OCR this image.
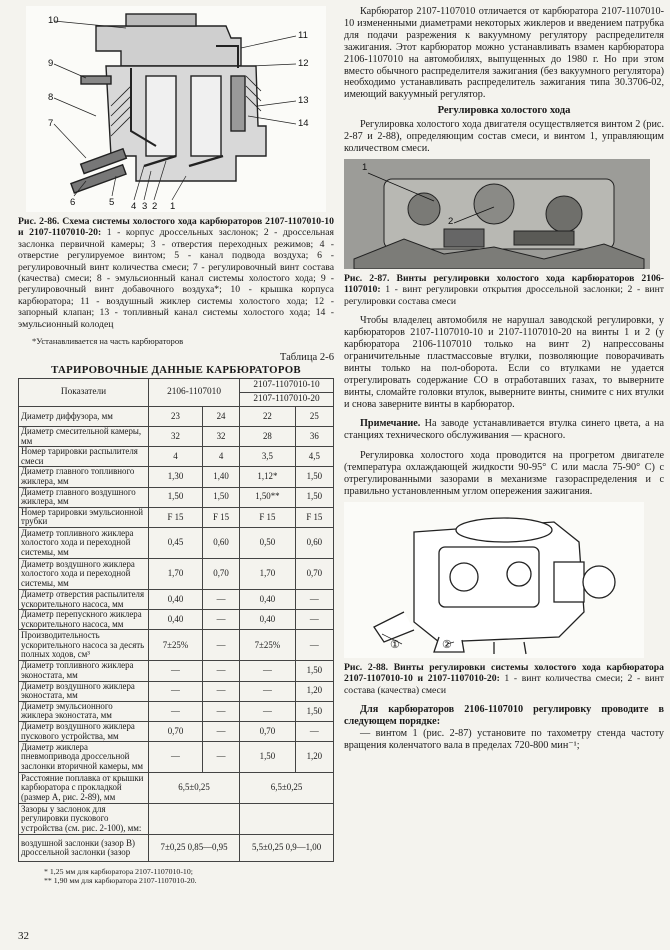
10
9
8
7
6	5 4 3 2 1
11
12
13
14

Рис. 2-86. Схема системы холостого хода карбюраторов 2107-1107010-10 и 2107-1107010-20: 1 - корпус дроссельных заслонок; 2 - дроссельная заслонка первичной камеры; 3 - отверстия переходных режимов; 4 - отверстие регулируемое винтом; 5 - канал подвода воздуха; 6 - регулировочный винт количества смеси; 7 - регулировочный винт состава (качества) смеси; 8 - эмульсионный канал системы холостого хода; 9 - регулировочный винт добавочного воздуха*; 10 - крышка корпуса карбюратора; 11 - воздушный жиклер системы холостого хода; 12 - запорный клапан; 13 - топливный канал системы холостого хода; 14 - эмульсионный колодец

*Устанавливается на часть карбюраторов

Таблица 2-6

ТАРИРОВОЧНЫЕ ДАННЫЕ КАРБЮРАТОРОВ

Показатели	2106-1107010		2107-1107010-10	
			2107-1107010-20	
Диаметр диффузора, мм	23	24	22	25
Диаметр смесительной камеры, мм	32	32	28	36
Номер тарировки распылителя смеси	4	4	3,5	4,5
Диаметр главного топливного жиклера, мм	1,30	1,40	1,12*	1,50
Диаметр главного воздушного жиклера, мм	1,50	1,50	1,50**	1,50
Номер тарировки эмульсионной трубки	F 15	F 15	F 15	F 15
Диаметр топливного жиклера холостого хода и переходной системы, мм	0,45	0,60	0,50	0,60
Диаметр воздушного жиклера холостого хода и переходной системы, мм	1,70	0,70	1,70	0,70
Диаметр отверстия распылителя ускорительного насоса, мм	0,40	—	0,40	—
Диаметр перепускного жиклера ускорительного насоса, мм	0,40	—	0,40	—
Производительность ускорительного насоса за десять полных ходов, см³	7±25%	—	7±25%	—
Диаметр топливного жиклера эконостата, мм	—	—	—	1,50
Диаметр воздушного жиклера эконостата, мм	—	—	—	1,20
Диаметр эмульсионного жиклера эконостата, мм	—	—	—	1,50
Диаметр воздушного жиклера пускового устройства, мм	0,70	—	0,70	—
Диаметр жиклера пневмопривода дроссельной заслонки вторичной камеры, мм	—	—	1,50	1,20
Расстояние поплавка от крышки карбюратора с прокладкой (размер А, рис. 2-89), мм	6,5±0,25		6,5±0,25	
Зазоры у заслонок для регулировки пускового устройства (см. рис. 2-100), мм:				
воздушной заслонки (зазор В) дроссельной заслонки (зазор	7±0,25 0,85—0,95		5,5±0,25 0,9—1,00	

* 1,25 мм для карбюратора 2107-1107010-10;

** 1,90 мм для карбюратора 2107-1107010-20.

Карбюратор 2107-1107010 отличается от карбюратора 2107-1107010-10 измененными диаметрами некоторых жиклеров и введением патрубка для подачи разрежения к вакуумному регулятору распределителя зажигания. Этот карбюратор можно устанавливать взамен карбюратора 2106-1107010 на автомобилях, выпущенных до 1980 г. Но при этом вместо обычного распределителя зажигания (без вакуумного регулятора) необходимо устанавливать распределитель зажигания типа 30.3706-02, имеющий вакуумный регулятор.

Регулировка холостого хода

Регулировка холостого хода двигателя осуществляется винтом 2 (рис. 2-87 и 2-88), определяющим состав смеси, и винтом 1, управляющим количеством смеси.

1
2

Рис. 2-87. Винты регулировки холостого хода карбюраторов 2106-1107010: 1 - винт регулировки открытия дроссельной заслонки; 2 - винт регулировки состава смеси

Чтобы владелец автомобиля не нарушал заводской регулировки, у карбюраторов 2107-1107010-10 и 2107-1107010-20 на винты 1 и 2 (у карбюратора 2106-1107010 только на винт 2) напрессованы ограничительные пластмассовые втулки, позволяющие поворачивать винты только на пол-оборота. Если со втулками не удается отрегулировать содержание СО в отработавших газах, то выверните винты, сломайте головки втулок, выверните винты, снимите с них втулки и снова заверните винты в карбюратор.

Примечание. На заводе устанавливается втулка синего цвета, а на станциях технического обслуживания — красного.

Регулировка холостого хода проводится на прогретом двигателе (температура охлаждающей жидкости 90-95° С или масла 75-90° С) с отрегулированными зазорами в механизме газораспределения и с правильно установленным углом опережения зажигания.

①	②

Рис. 2-88. Винты регулировки системы холостого хода карбюратора 2107-1107010-10 и 2107-1107010-20: 1 - винт количества смеси; 2 - винт состава (качества) смеси

Для карбюраторов 2106-1107010 регулировку проводите в следующем порядке:

— винтом 1 (рис. 2-87) установите по тахометру стенда частоту вращения коленчатого вала в пределах 720-800 мин⁻¹;

32
